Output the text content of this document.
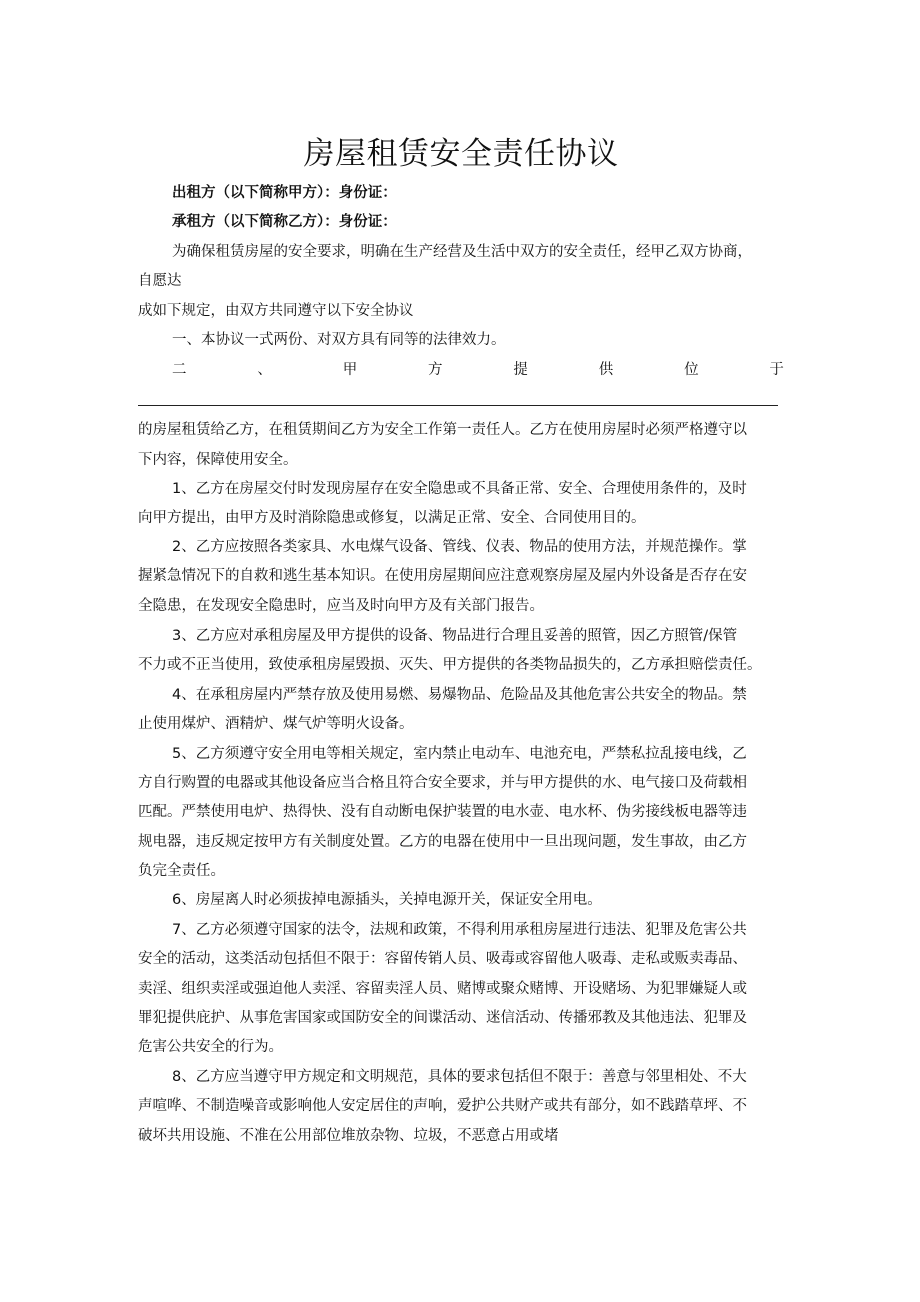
房屋租赁安全责任协议
出租方（以下简称甲方）：身份证：
承租方（以下简称乙方）：身份证：
为确保租赁房屋的安全要求，明确在生产经营及生活中双方的安全责任，经甲乙双方协商，
自愿达
成如下规定，由双方共同遵守以下安全协议
一、本协议一式两份、对双方具有同等的法律效力。
二	、	甲	方	提	供	位	于
的房屋租赁给乙方，在租赁期间乙方为安全工作第一责任人。乙方在使用房屋时必须严格遵守以
下内容，保障使用安全。
1、乙方在房屋交付时发现房屋存在安全隐患或不具备正常、安全、合理使用条件的，及时
向甲方提出，由甲方及时消除隐患或修复，以满足正常、安全、合同使用目的。
2、乙方应按照各类家具、水电煤气设备、管线、仪表、物品的使用方法，并规范操作。掌
握紧急情况下的自救和逃生基本知识。在使用房屋期间应注意观察房屋及屋内外设备是否存在安
全隐患，在发现安全隐患时，应当及时向甲方及有关部门报告。
3、乙方应对承租房屋及甲方提供的设备、物品进行合理且妥善的照管，因乙方照管/保管
不力或不正当使用，致使承租房屋毁损、灭失、甲方提供的各类物品损失的，乙方承担赔偿责任。
4、在承租房屋内严禁存放及使用易燃、易爆物品、危险品及其他危害公共安全的物品。禁
止使用煤炉、酒精炉、煤气炉等明火设备。
5、乙方须遵守安全用电等相关规定，室内禁止电动车、电池充电，严禁私拉乱接电线，乙
方自行购置的电器或其他设备应当合格且符合安全要求，并与甲方提供的水、电气接口及荷载相
匹配。严禁使用电炉、热得快、没有自动断电保护装置的电水壶、电水杯、伪劣接线板电器等违
规电器，违反规定按甲方有关制度处置。乙方的电器在使用中一旦出现问题，发生事故，由乙方
负完全责任。
6、房屋离人时必须拔掉电源插头，关掉电源开关，保证安全用电。
7、乙方必须遵守国家的法令，法规和政策，不得利用承租房屋进行违法、犯罪及危害公共
安全的活动，这类活动包括但不限于：容留传销人员、吸毒或容留他人吸毒、走私或贩卖毒品、
卖淫、组织卖淫或强迫他人卖淫、容留卖淫人员、赌博或聚众赌博、开设赌场、为犯罪嫌疑人或
罪犯提供庇护、从事危害国家或国防安全的间谍活动、迷信活动、传播邪教及其他违法、犯罪及
危害公共安全的行为。
8、乙方应当遵守甲方规定和文明规范，具体的要求包括但不限于：善意与邻里相处、不大
声喧哗、不制造噪音或影响他人安定居住的声响，爱护公共财产或共有部分，如不践踏草坪、不
破坏共用设施、不准在公用部位堆放杂物、垃圾，不恶意占用或堵
